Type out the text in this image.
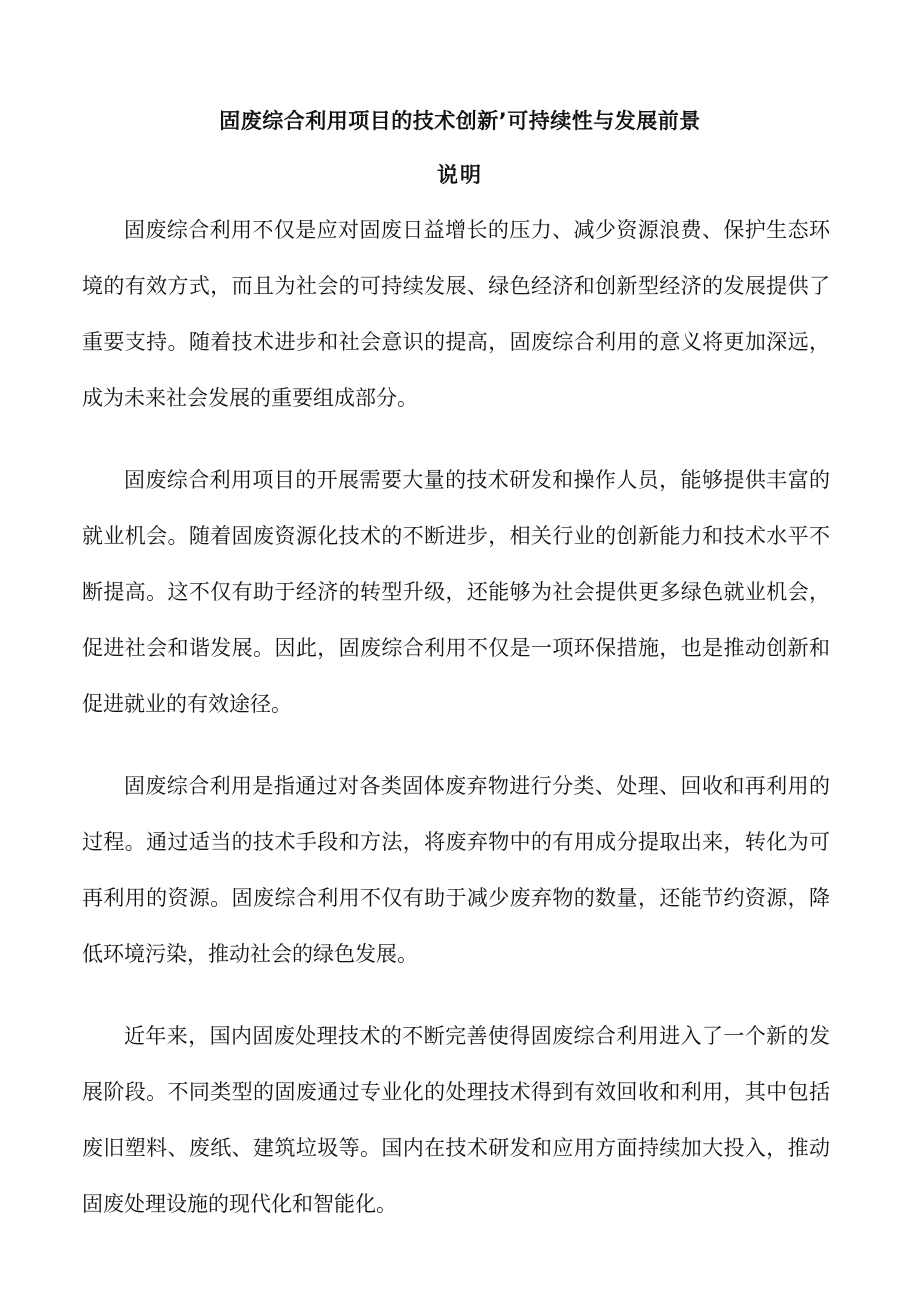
固废综合利用项目的技术创新’可持续性与发展前景
说明

固废综合利用不仅是应对固废日益增长的压力、减少资源浪费、保护生态环境的有效方式，而且为社会的可持续发展、绿色经济和创新型经济的发展提供了重要支持。随着技术进步和社会意识的提高，固废综合利用的意义将更加深远，成为未来社会发展的重要组成部分。

固废综合利用项目的开展需要大量的技术研发和操作人员，能够提供丰富的就业机会。随着固废资源化技术的不断进步，相关行业的创新能力和技术水平不断提高。这不仅有助于经济的转型升级，还能够为社会提供更多绿色就业机会，促进社会和谐发展。因此，固废综合利用不仅是一项环保措施，也是推动创新和促进就业的有效途径。

固废综合利用是指通过对各类固体废弃物进行分类、处理、回收和再利用的过程。通过适当的技术手段和方法，将废弃物中的有用成分提取出来，转化为可再利用的资源。固废综合利用不仅有助于减少废弃物的数量，还能节约资源，降低环境污染，推动社会的绿色发展。

近年来，国内固废处理技术的不断完善使得固废综合利用进入了一个新的发展阶段。不同类型的固废通过专业化的处理技术得到有效回收和利用，其中包括废旧塑料、废纸、建筑垃圾等。国内在技术研发和应用方面持续加大投入，推动固废处理设施的现代化和智能化。
